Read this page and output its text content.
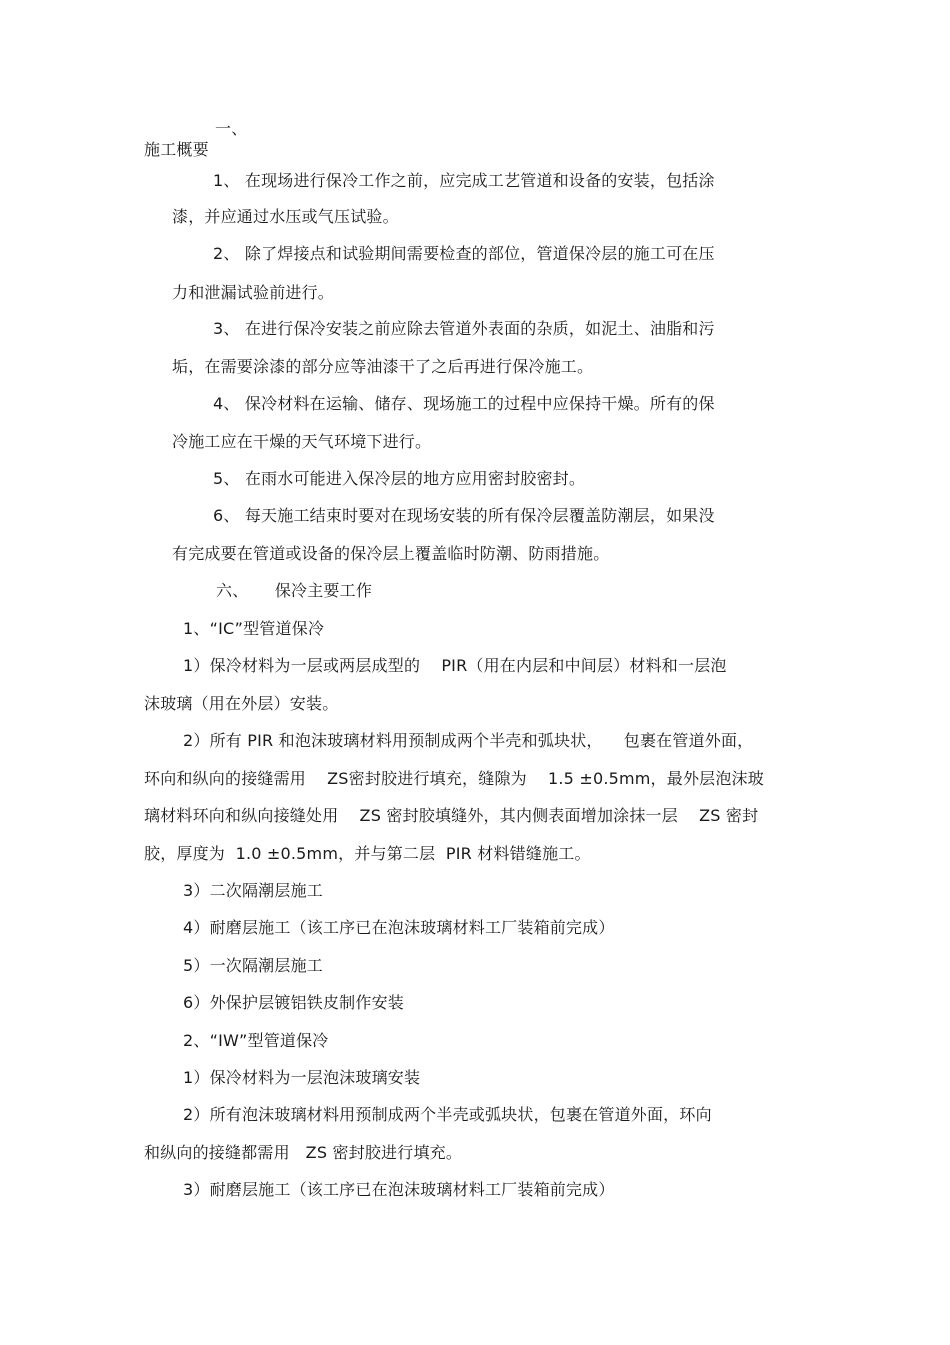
一、
施工概要
1、 在现场进行保冷工作之前，应完成工艺管道和设备的安装，包括涂
漆，并应通过水压或气压试验。
2、 除了焊接点和试验期间需要检查的部位，管道保冷层的施工可在压
力和泄漏试验前进行。
3、 在进行保冷安装之前应除去管道外表面的杂质，如泥土、油脂和污
垢，在需要涂漆的部分应等油漆干了之后再进行保冷施工。
4、 保冷材料在运输、储存、现场施工的过程中应保持干燥。所有的保
冷施工应在干燥的天气环境下进行。
5、 在雨水可能进入保冷层的地方应用密封胶密封。
6、 每天施工结束时要对在现场安装的所有保冷层覆盖防潮层，如果没
有完成要在管道或设备的保冷层上覆盖临时防潮、防雨措施。
六、     保冷主要工作
1、“IC”型管道保冷
1）保冷材料为一层或两层成型的    PIR（用在内层和中间层）材料和一层泡
沫玻璃（用在外层）安装。
2）所有 PIR 和泡沫玻璃材料用预制成两个半壳和弧块状，    包裹在管道外面，
环向和纵向的接缝需用    ZS密封胶进行填充，缝隙为    1.5 ±0.5mm，最外层泡沫玻
璃材料环向和纵向接缝处用    ZS 密封胶填缝外，其内侧表面增加涂抹一层    ZS 密封
胶，厚度为  1.0 ±0.5mm，并与第二层  PIR 材料错缝施工。
3）二次隔潮层施工
4）耐磨层施工（该工序已在泡沫玻璃材料工厂装箱前完成）
5）一次隔潮层施工
6）外保护层镀铝铁皮制作安装
2、“IW”型管道保冷
1）保冷材料为一层泡沫玻璃安装
2）所有泡沫玻璃材料用预制成两个半壳或弧块状，包裹在管道外面，环向
和纵向的接缝都需用   ZS 密封胶进行填充。
3）耐磨层施工（该工序已在泡沫玻璃材料工厂装箱前完成）
